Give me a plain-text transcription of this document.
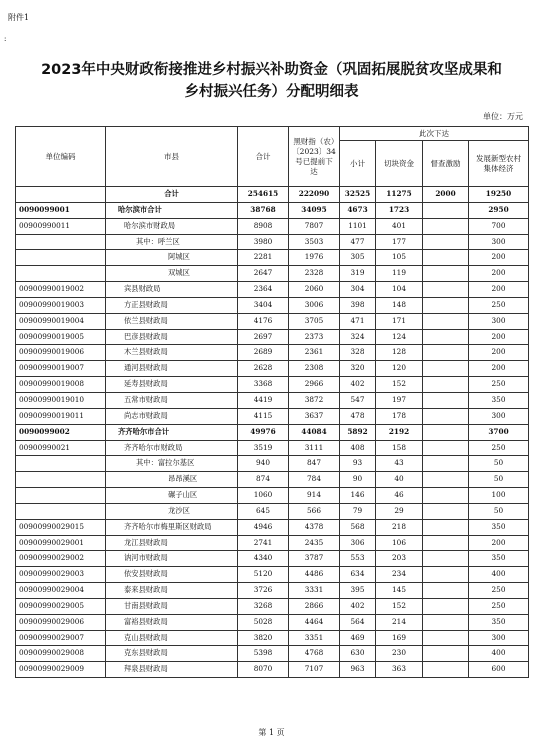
附件1
:
2023年中央财政衔接推进乡村振兴补助资金（巩固拓展脱贫攻坚成果和
乡村振兴任务）分配明细表
单位：万元
单位编码	市县	合计	黑财指（农）〔2023〕34号已提前下达	此次下达			
				小计	切块资金	督查激励	发展新型农村集体经济
	合计	254615	222090	32525	11275	2000	19250
0090099001	哈尔滨市合计	38768	34095	4673	1723		2950
00900990011	哈尔滨市财政局	8908	7807	1101	401		700
	其中：呼兰区	3980	3503	477	177		300
	阿城区	2281	1976	305	105		200
	双城区	2647	2328	319	119		200
00900990019002	宾县财政局	2364	2060	304	104		200
00900990019003	方正县财政局	3404	3006	398	148		250
00900990019004	依兰县财政局	4176	3705	471	171		300
00900990019005	巴彦县财政局	2697	2373	324	124		200
00900990019006	木兰县财政局	2689	2361	328	128		200
00900990019007	通河县财政局	2628	2308	320	120		200
00900990019008	延寿县财政局	3368	2966	402	152		250
00900990019010	五常市财政局	4419	3872	547	197		350
00900990019011	尚志市财政局	4115	3637	478	178		300
0090099002	齐齐哈尔市合计	49976	44084	5892	2192		3700
00900990021	齐齐哈尔市财政局	3519	3111	408	158		250
	其中：富拉尔基区	940	847	93	43		50
	昂昂溪区	874	784	90	40		50
	碾子山区	1060	914	146	46		100
	龙沙区	645	566	79	29		50
00900990029015	齐齐哈尔市梅里斯区财政局	4946	4378	568	218		350
00900990029001	龙江县财政局	2741	2435	306	106		200
00900990029002	讷河市财政局	4340	3787	553	203		350
00900990029003	依安县财政局	5120	4486	634	234		400
00900990029004	泰来县财政局	3726	3331	395	145		250
00900990029005	甘南县财政局	3268	2866	402	152		250
00900990029006	富裕县财政局	5028	4464	564	214		350
00900990029007	克山县财政局	3820	3351	469	169		300
00900990029008	克东县财政局	5398	4768	630	230		400
00900990029009	拜泉县财政局	8070	7107	963	363		600
第 1 页
